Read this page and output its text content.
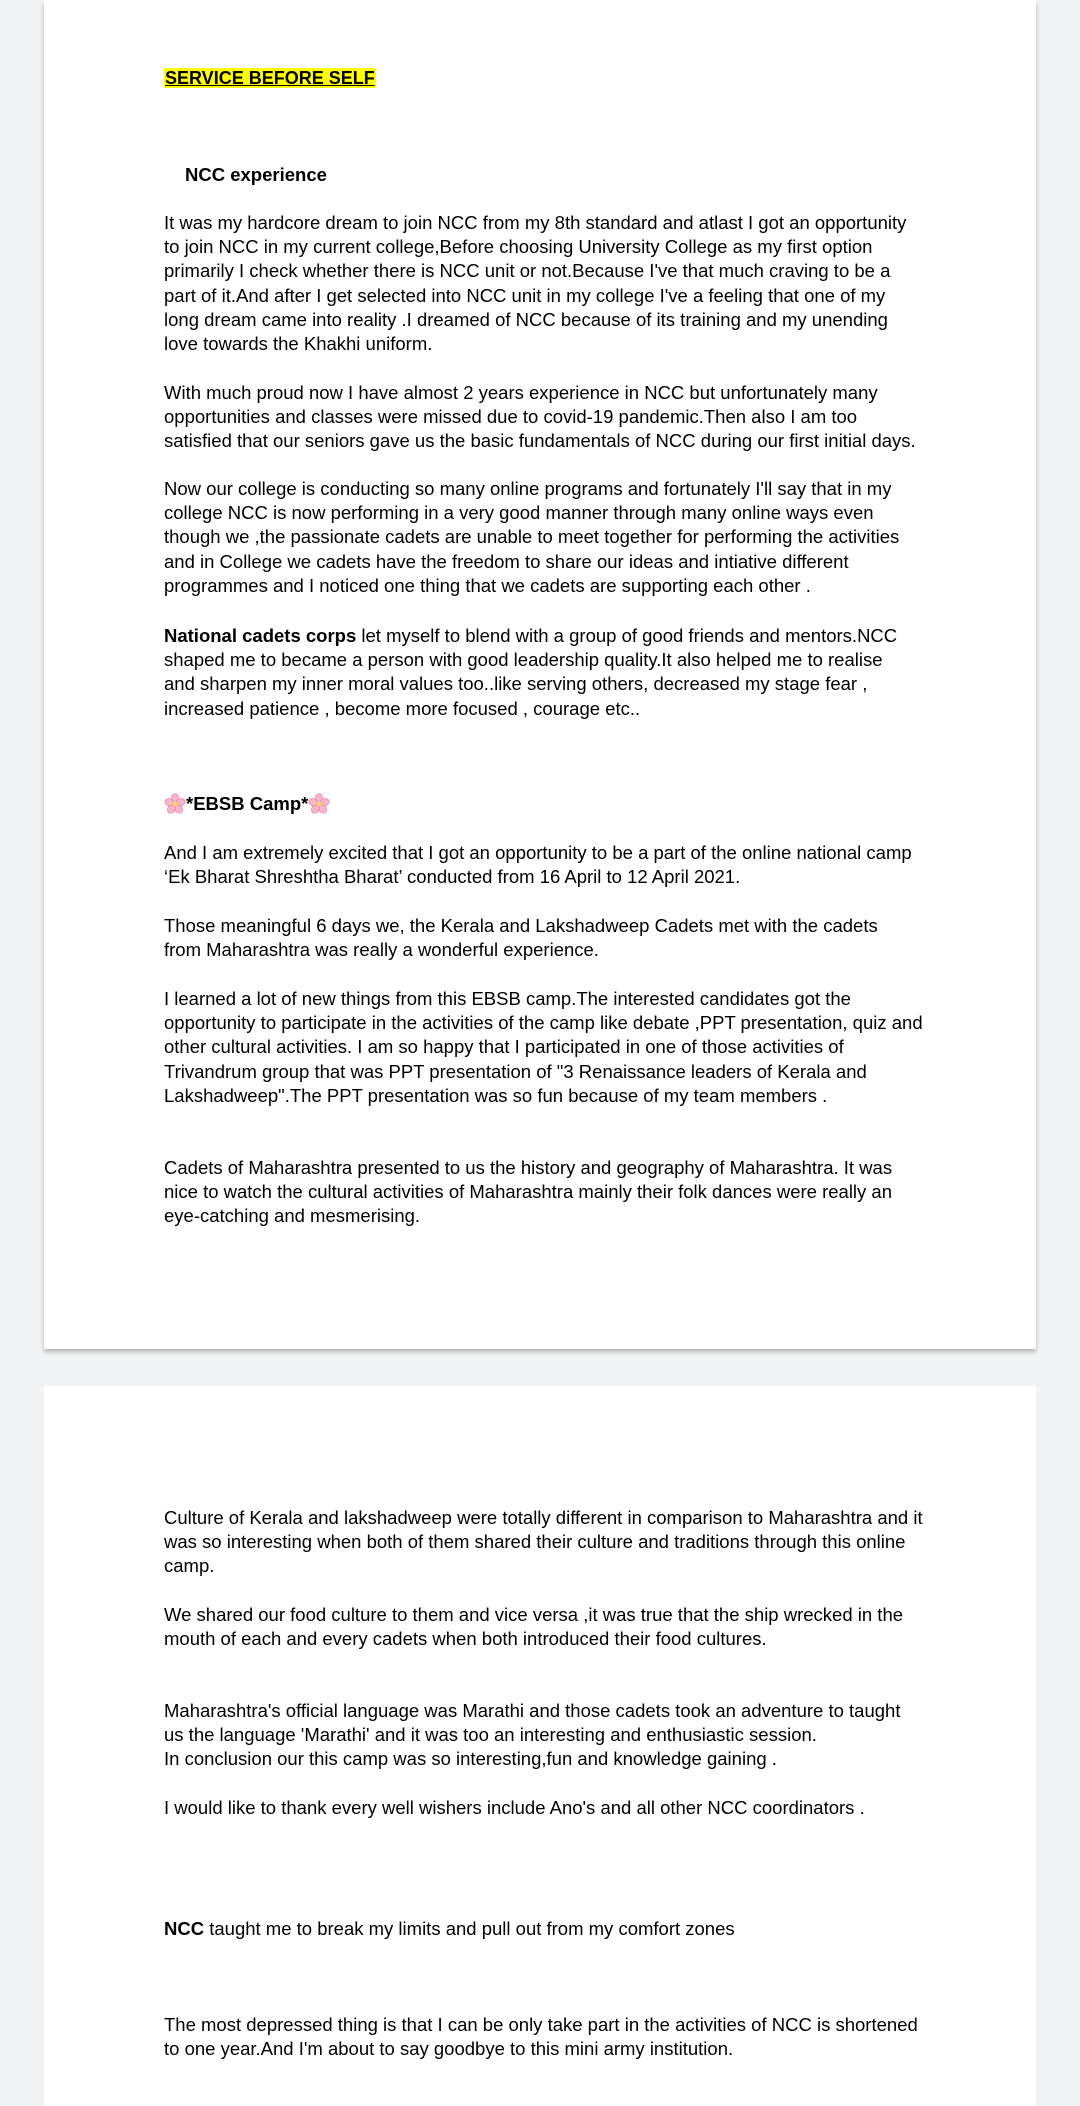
SERVICE BEFORE SELF

NCC experience

It was my hardcore dream to join NCC from my 8th standard and atlast I got an opportunity
to join NCC in my current college,Before choosing University College as my first option
primarily I check whether there is NCC unit or not.Because I've that much craving to be a
part of it.And after I get selected into NCC unit in my college I've a feeling that one of my
long dream came into reality .I dreamed of NCC because of its training and my unending
love towards the Khakhi uniform.

With much proud now I have almost 2 years experience in NCC but unfortunately many
opportunities and classes were missed due to covid-19 pandemic.Then also I am too
satisfied that our seniors gave us the basic fundamentals of NCC during our first initial days.

Now our college is conducting so many online programs and fortunately I'll say that in my
college NCC is now performing in a very good manner through many online ways even
though we ,the passionate cadets are unable to meet together for performing the activities
and in College we cadets have the freedom to share our ideas and intiative different
programmes and I noticed one thing that we cadets are supporting each other .

National cadets corps let myself to blend with a group of good friends and mentors.NCC
shaped me to became a person with good leadership quality.It also helped me to realise
and sharpen my inner moral values too..like serving others, decreased my stage fear ,
increased patience , become more focused , courage etc..

*EBSB Camp*

And I am extremely excited that I got an opportunity to be a part of the online national camp
‘Ek Bharat Shreshtha Bharat’ conducted from 16 April to 12 April 2021.

Those meaningful 6 days we, the Kerala and Lakshadweep Cadets met with the cadets
from Maharashtra was really a wonderful experience.

I learned a lot of new things from this EBSB camp.The interested candidates got the
opportunity to participate in the activities of the camp like debate ,PPT presentation, quiz and
other cultural activities. I am so happy that I participated in one of those activities of
Trivandrum group that was PPT presentation of "3 Renaissance leaders of Kerala and
Lakshadweep".The PPT presentation was so fun because of my team members .

Cadets of Maharashtra presented to us the history and geography of Maharashtra. It was
nice to watch the cultural activities of Maharashtra mainly their folk dances were really an
eye-catching and mesmerising.

Culture of Kerala and lakshadweep were totally different in comparison to Maharashtra and it
was so interesting when both of them shared their culture and traditions through this online
camp.

We shared our food culture to them and vice versa ,it was true that the ship wrecked in the
mouth of each and every cadets when both introduced their food cultures.

Maharashtra's official language was Marathi and those cadets took an adventure to taught
us the language 'Marathi' and it was too an interesting and enthusiastic session.
In conclusion our this camp was so interesting,fun and knowledge gaining .

I would like to thank every well wishers include Ano's and all other NCC coordinators .

NCC taught me to break my limits and pull out from my comfort zones

The most depressed thing is that I can be only take part in the activities of NCC is shortened
to one year.And I'm about to say goodbye to this mini army institution.
